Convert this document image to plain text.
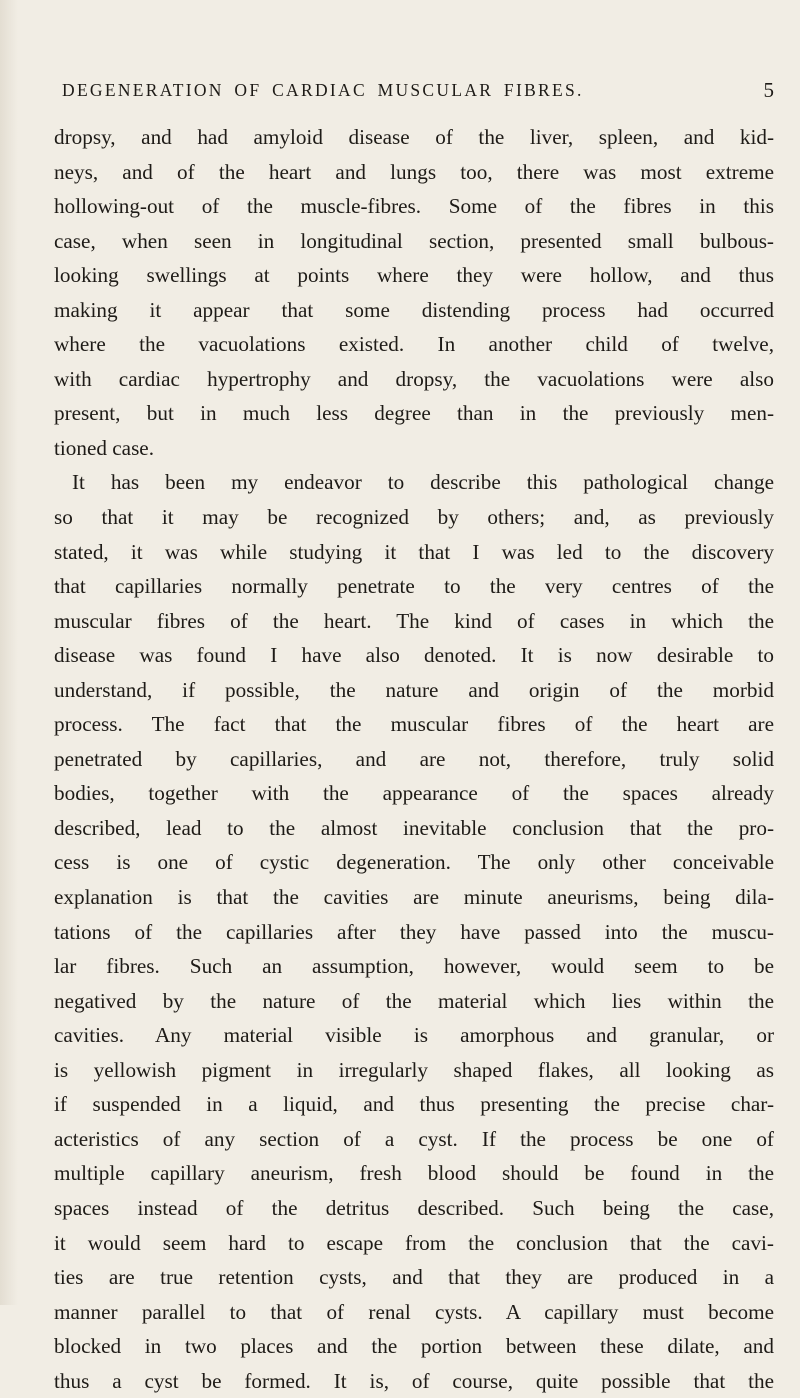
DEGENERATION OF CARDIAC MUSCULAR FIBRES.	5
dropsy, and had amyloid disease of the liver, spleen, and kid-
neys, and of the heart and lungs too, there was most extreme
hollowing-out of the muscle-fibres. Some of the fibres in this
case, when seen in longitudinal section, presented small bulbous-
looking swellings at points where they were hollow, and thus
making it appear that some distending process had occurred
where the vacuolations existed. In another child of twelve,
with cardiac hypertrophy and dropsy, the vacuolations were also
present, but in much less degree than in the previously men-
tioned case.
It has been my endeavor to describe this pathological change
so that it may be recognized by others; and, as previously
stated, it was while studying it that I was led to the discovery
that capillaries normally penetrate to the very centres of the
muscular fibres of the heart. The kind of cases in which the
disease was found I have also denoted. It is now desirable to
understand, if possible, the nature and origin of the morbid
process. The fact that the muscular fibres of the heart are
penetrated by capillaries, and are not, therefore, truly solid
bodies, together with the appearance of the spaces already
described, lead to the almost inevitable conclusion that the pro-
cess is one of cystic degeneration. The only other conceivable
explanation is that the cavities are minute aneurisms, being dila-
tations of the capillaries after they have passed into the muscu-
lar fibres. Such an assumption, however, would seem to be
negatived by the nature of the material which lies within the
cavities. Any material visible is amorphous and granular, or
is yellowish pigment in irregularly shaped flakes, all looking as
if suspended in a liquid, and thus presenting the precise char-
acteristics of any section of a cyst. If the process be one of
multiple capillary aneurism, fresh blood should be found in the
spaces instead of the detritus described. Such being the case,
it would seem hard to escape from the conclusion that the cavi-
ties are true retention cysts, and that they are produced in a
manner parallel to that of renal cysts. A capillary must become
blocked in two places and the portion between these dilate, and
thus a cyst be formed. It is, of course, quite possible that the
